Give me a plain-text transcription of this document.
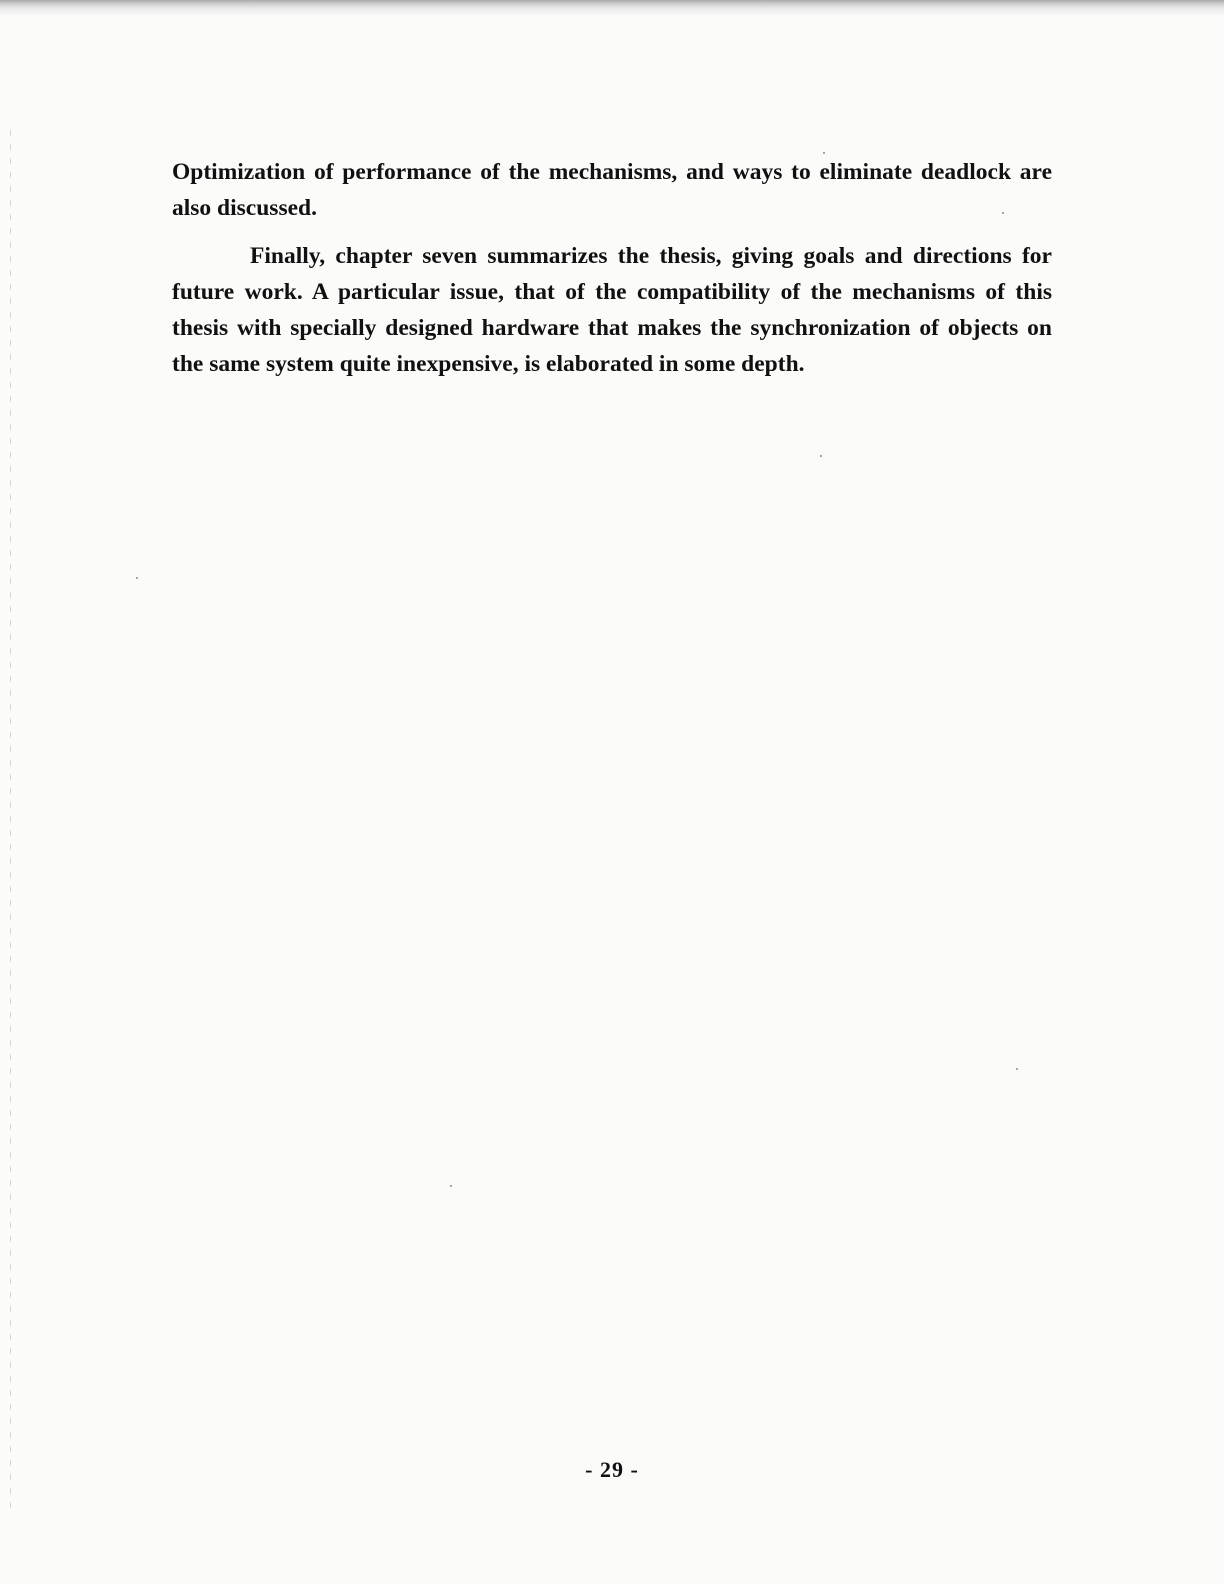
Optimization of performance of the mechanisms, and ways to eliminate deadlock are also discussed.

Finally, chapter seven summarizes the thesis, giving goals and directions for future work. A particular issue, that of the compatibility of the mechanisms of this thesis with specially designed hardware that makes the synchronization of objects on the same system quite inexpensive, is elaborated in some depth.

- 29 -
